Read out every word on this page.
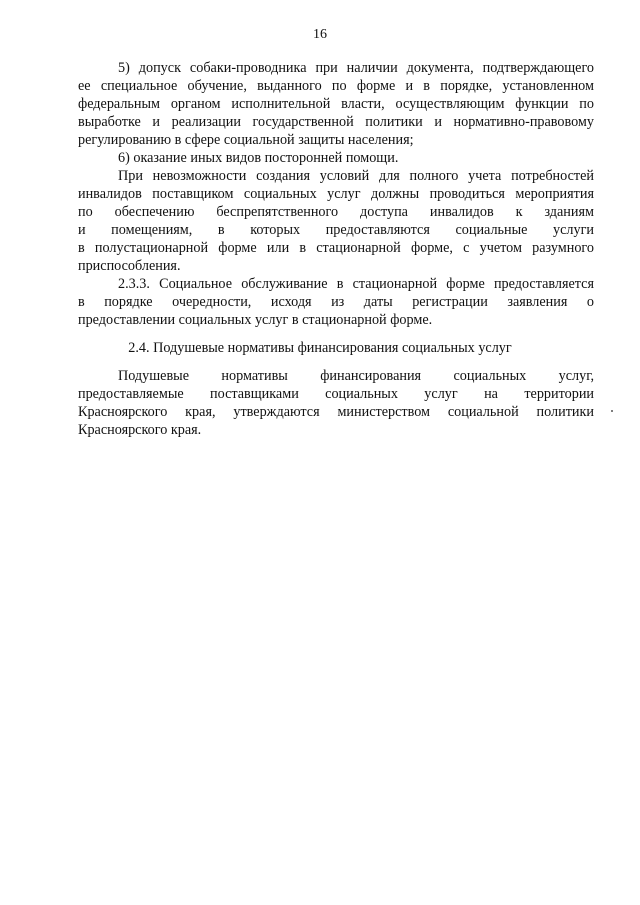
16
5) допуск собаки-проводника при наличии документа, подтверждающего
ее специальное обучение, выданного по форме и в порядке, установленном
федеральным органом исполнительной власти, осуществляющим функции по
выработке и реализации государственной политики и нормативно-правовому
регулированию в сфере социальной защиты населения;
6) оказание иных видов посторонней помощи.
При невозможности создания условий для полного учета потребностей
инвалидов поставщиком социальных услуг должны проводиться мероприятия
по обеспечению беспрепятственного доступа инвалидов к зданиям
и помещениям, в которых предоставляются социальные услуги
в полустационарной форме или в стационарной форме, с учетом разумного
приспособления.
2.3.3. Социальное обслуживание в стационарной форме предоставляется
в порядке очередности, исходя из даты регистрации заявления о
предоставлении социальных услуг в стационарной форме.
2.4. Подушевые нормативы финансирования социальных услуг
Подушевые нормативы финансирования социальных услуг,
предоставляемые поставщиками социальных услуг на территории
Красноярского края, утверждаются министерством социальной политики
Красноярского края.
